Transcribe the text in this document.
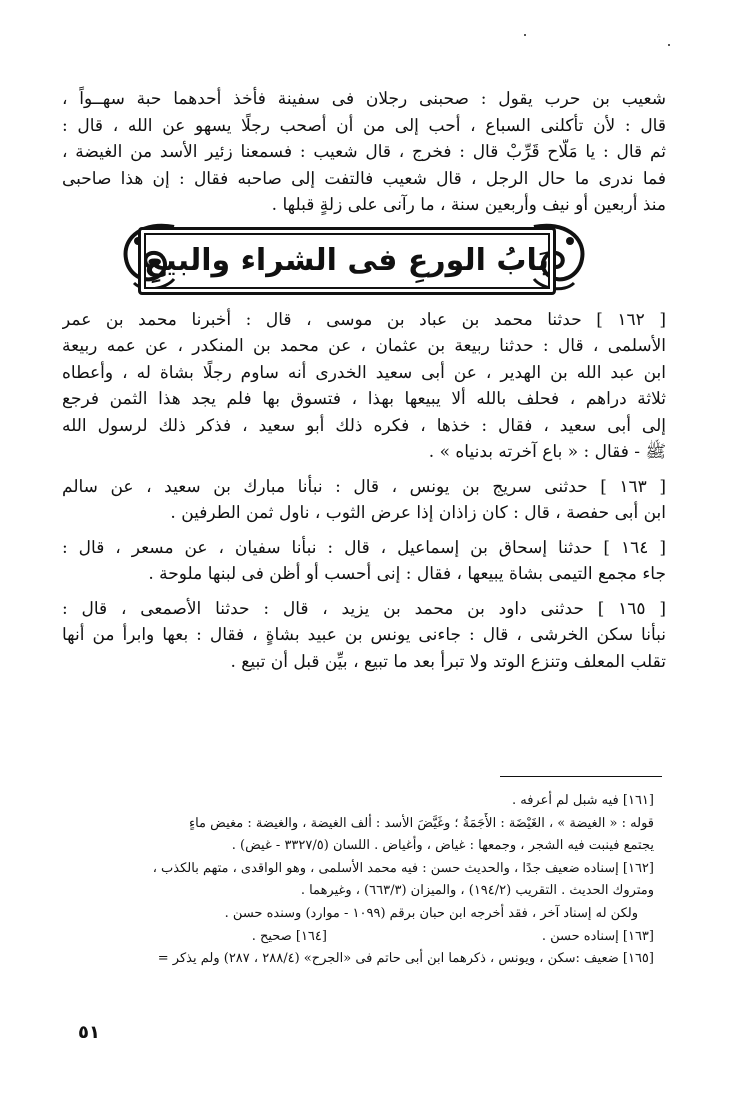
شعيب بن حرب يقول : صحبنى رجلان فى سفينة فأخذ أحدهما حبة سهــواً ،
قال : لأن تأكلنى السباع ، أحب إلى من أن أصحب رجلًا يسهو عن الله ، قال :
ثم قال : يا مَلّاح قَرِّبْ قال : فخرج ، قال شعيب : فسمعنا زئير الأسد من الغيضة ،
فما ندرى ما حال الرجل ، قال شعيب فالتفت إلى صاحبه فقال : إن هذا صاحبى
منذ أربعين أو نيف وأربعين سنة ، ما رآنى على زلةٍ قبلها .
بَابُ الورعِ فى الشراء والبيعِ
[ ١٦٢ ] حدثنا محمد بن عباد بن موسى ، قال : أخبرنا محمد بن عمر
الأسلمى ، قال : حدثنا ربيعة بن عثمان ، عن محمد بن المنكدر ، عن عمه ربيعة
ابن عبد الله بن الهدير ، عن أبى سعيد الخدرى أنه ساوم رجلًا بشاة له ، وأعطاه
ثلاثة دراهم ، فحلف بالله ألا يبيعها بهذا ، فتسوق بها فلم يجد هذا الثمن فرجع
إلى أبى سعيد ، فقال : خذها ، فكره ذلك أبو سعيد ، فذكر ذلك لرسول الله
ﷺ - فقال : « باع آخرته بدنياه » .
[ ١٦٣ ] حدثنى سريج بن يونس ، قال : نبأنا مبارك بن سعيد ، عن سالم
ابن أبى حفصة ، قال : كان زاذان إذا عرض الثوب ، ناول ثمن الطرفين .
[ ١٦٤ ] حدثنا إسحاق بن إسماعيل ، قال : نبأنا سفيان ، عن مسعر ، قال :
جاء مجمع التيمى بشاة يبيعها ، فقال : إنى أحسب أو أظن فى لبنها ملوحة .
[ ١٦٥ ] حدثنى داود بن محمد بن يزيد ، قال : حدثنا الأصمعى ، قال :
نبأنا سكن الخرشى ، قال : جاءنى يونس بن عبيد بشاةٍ ، فقال : بعها وابرأ من أنها
تقلب المعلف وتنزع الوتد ولا تبرأ بعد ما تبيع ، بيِّن قبل أن تبيع .
[١٦١] فيه شبل لم أعرفه .
قوله : « الغيضة » ، الغَيْضَة : الأَجَمَةُ ؛ وغَيَّضَ الأسد : ألف الغيضة ، والغيضة : مغيض ماءٍ
يجتمع فينبت فيه الشجر ، وجمعها : غياض ، وأغياض . اللسان (٣٣٢٧/٥ - غيض) .
[١٦٢] إسناده ضعيف جدًا ، والحديث حسن : فيه محمد الأسلمى ، وهو الواقدى ، متهم بالكذب ،
ومتروك الحديث . التقريب (١٩٤/٢) ، والميزان (٦٦٣/٣) ، وغيرهما .
ولكن له إسناد آخر ، فقد أخرجه ابن حبان برقم (١٠٩٩ - موارد) وسنده حسن .
[١٦٣] إسناده حسن .                                                    [١٦٤] صحيح .
[١٦٥] ضعيف :سكن ، ويونس ، ذكرهما ابن أبى حاتم فى «الجرح» (٢٨٨/٤ ، ٢٨٧) ولم يذكر =
٥١
